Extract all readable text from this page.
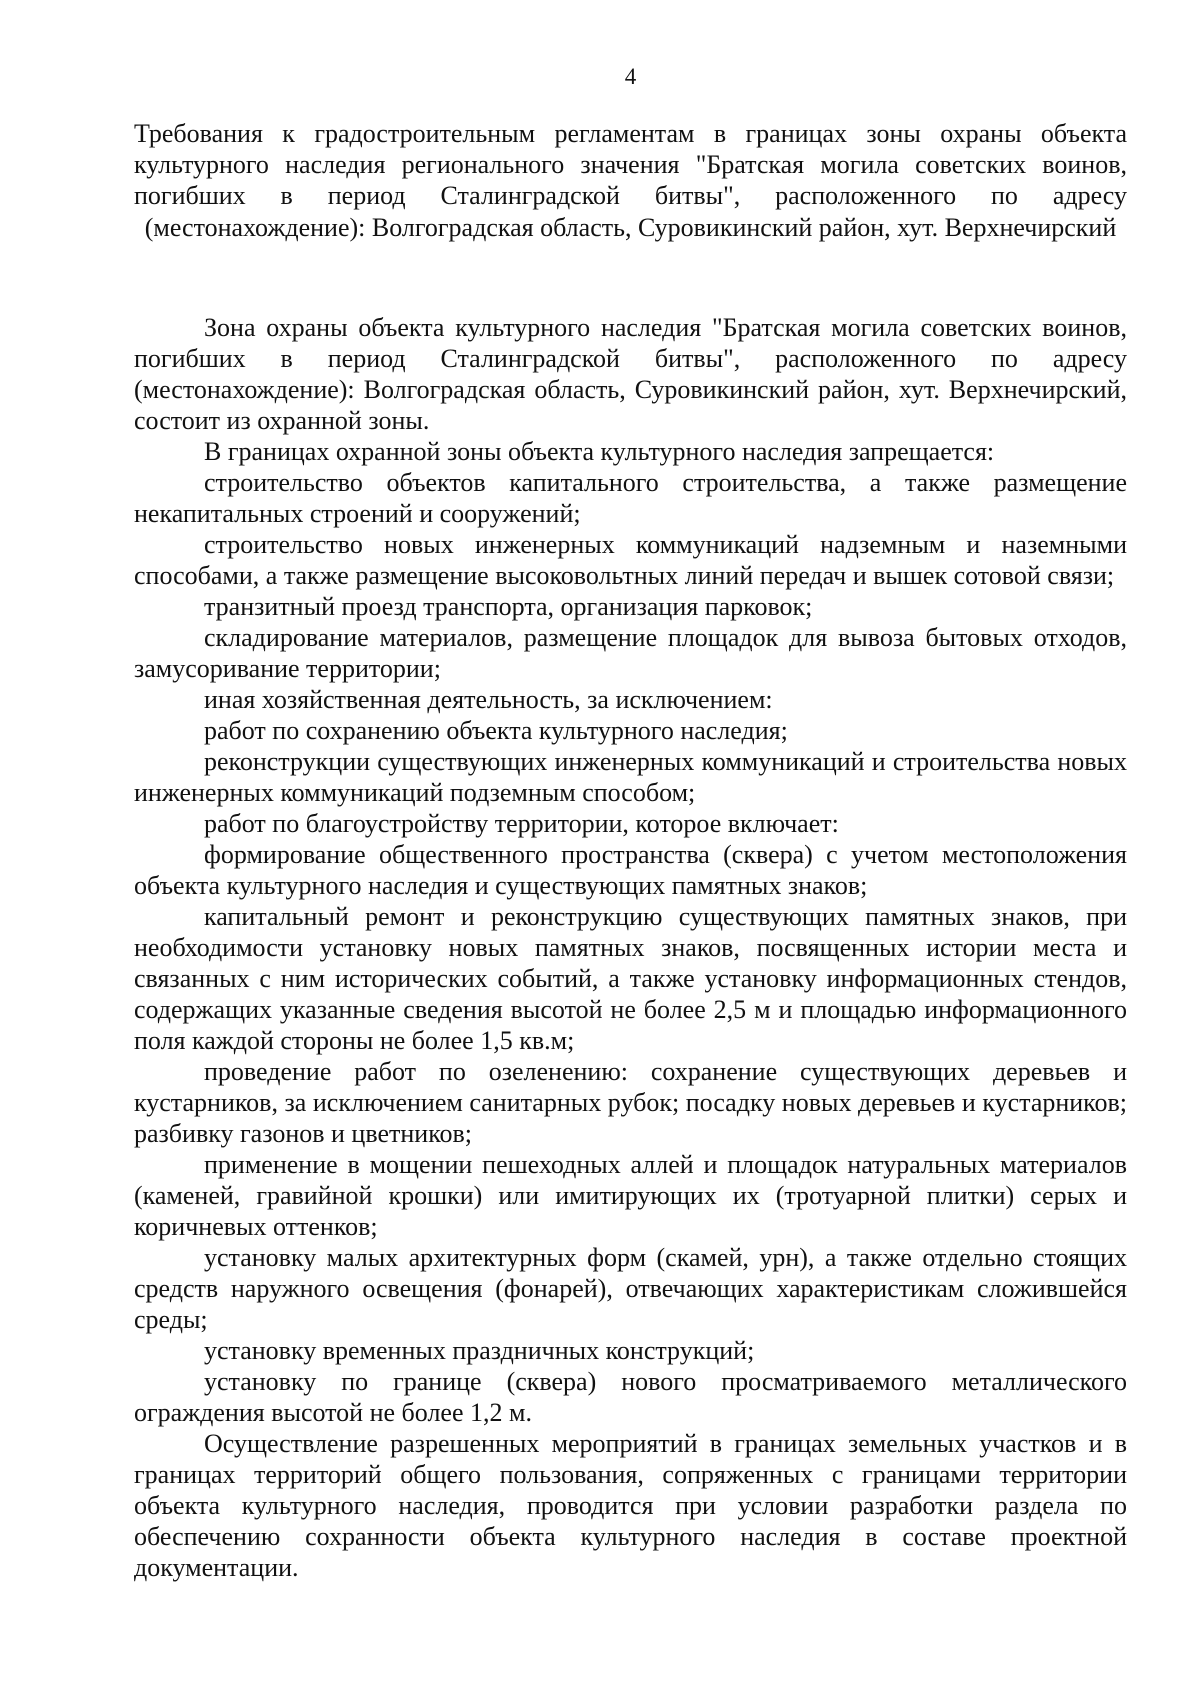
4
Требования к градостроительным регламентам в границах зоны охраны объекта культурного наследия регионального значения "Братская могила советских воинов, погибших в период Сталинградской битвы", расположенного по адресу (местонахождение): Волгоградская область, Суровикинский район, хут. Верхнечирский

Зона охраны объекта культурного наследия "Братская могила советских воинов, погибших в период Сталинградской битвы", расположенного по адресу (местонахождение): Волгоградская область, Суровикинский район, хут. Верхнечирский, состоит из охранной зоны.

В границах охранной зоны объекта культурного наследия запрещается:

строительство объектов капитального строительства, а также размещение некапитальных строений и сооружений;

строительство новых инженерных коммуникаций надземным и наземными способами, а также размещение высоковольтных линий передач и вышек сотовой связи;

транзитный проезд транспорта, организация парковок;

складирование материалов, размещение площадок для вывоза бытовых отходов, замусоривание территории;

иная хозяйственная деятельность, за исключением:

работ по сохранению объекта культурного наследия;

реконструкции существующих инженерных коммуникаций и строительства новых инженерных коммуникаций подземным способом;

работ по благоустройству территории, которое включает:

формирование общественного пространства (сквера) с учетом местоположения объекта культурного наследия и существующих памятных знаков;

капитальный ремонт и реконструкцию существующих памятных знаков, при необходимости установку новых памятных знаков, посвященных истории места и связанных с ним исторических событий, а также установку информационных стендов, содержащих указанные сведения высотой не более 2,5 м и площадью информационного поля каждой стороны не более 1,5 кв.м;

проведение работ по озеленению: сохранение существующих деревьев и кустарников, за исключением санитарных рубок; посадку новых деревьев и кустарников; разбивку газонов и цветников;

применение в мощении пешеходных аллей и площадок натуральных материалов (каменей, гравийной крошки) или имитирующих их (тротуарной плитки) серых и коричневых оттенков;

установку малых архитектурных форм (скамей, урн), а также отдельно стоящих средств наружного освещения (фонарей), отвечающих характеристикам сложившейся среды;

установку временных праздничных конструкций;

установку по границе (сквера) нового просматриваемого металлического ограждения высотой не более 1,2 м.

Осуществление разрешенных мероприятий в границах земельных участков и в границах территорий общего пользования, сопряженных с границами территории объекта культурного наследия, проводится при условии разработки раздела по обеспечению сохранности объекта культурного наследия в составе проектной документации.
